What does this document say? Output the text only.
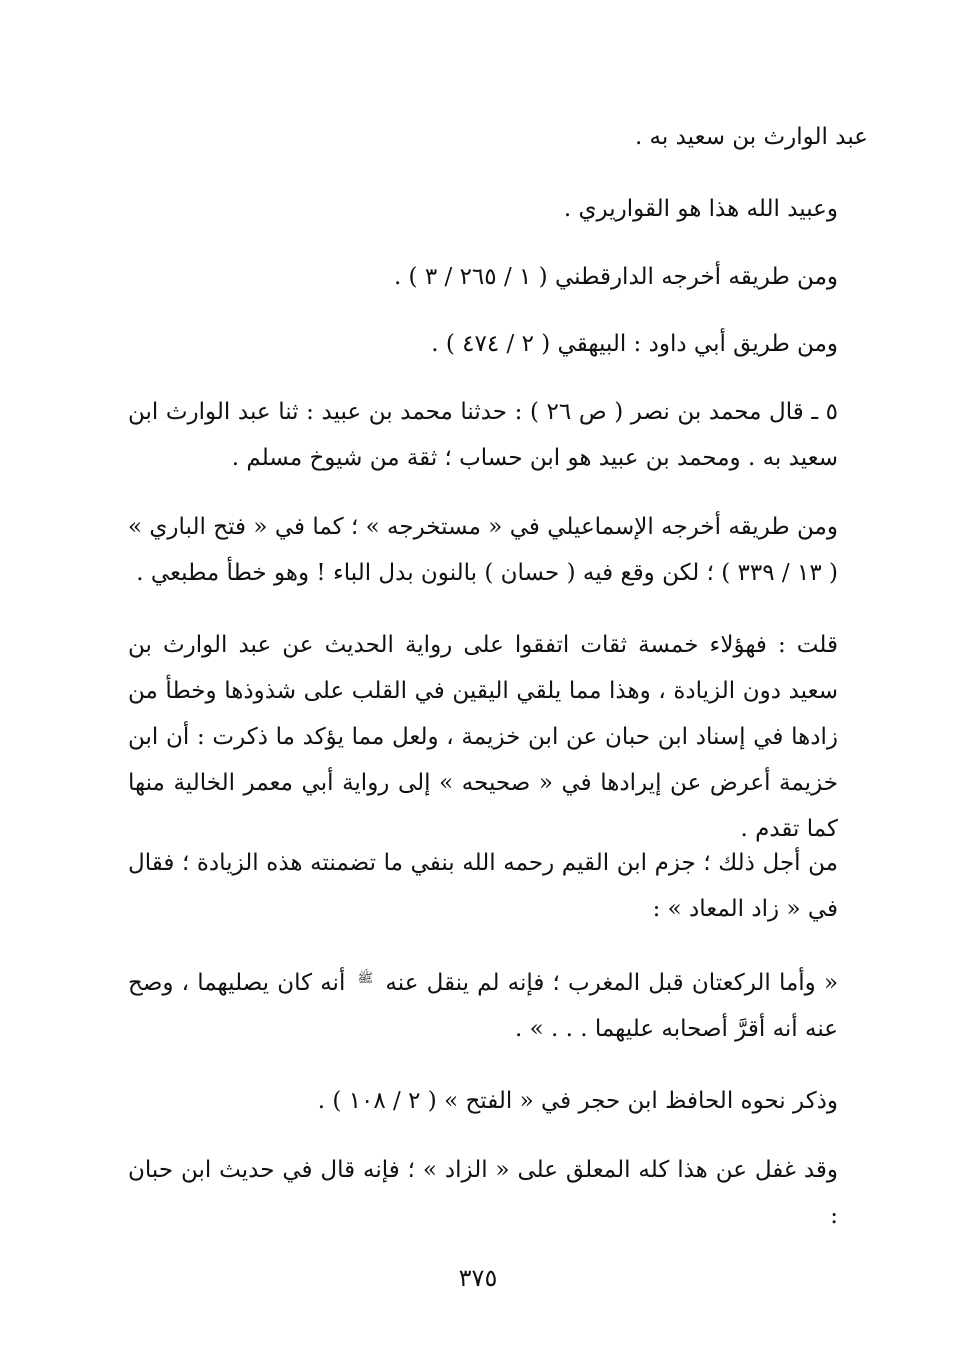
عبد الوارث بن سعيد به .

وعبيد الله هذا هو القواريري .

ومن طريقه أخرجه الدارقطني ( ١ / ٢٦٥ / ٣ ) .

ومن طريق أبي داود : البيهقي ( ٢ / ٤٧٤ ) .

٥ ـ قال محمد بن نصر ( ص ٢٦ ) : حدثنا محمد بن عبيد : ثنا عبد الوارث ابن سعيد به . ومحمد بن عبيد هو ابن حساب ؛ ثقة من شيوخ مسلم .

ومن طريقه أخرجه الإسماعيلي في « مستخرجه » ؛ كما في « فتح الباري » ( ١٣ / ٣٣٩ ) ؛ لكن وقع فيه ( حسان ) بالنون بدل الباء ! وهو خطأ مطبعي .

قلت : فهؤلاء خمسة ثقات اتفقوا على رواية الحديث عن عبد الوارث بن سعيد دون الزيادة ، وهذا مما يلقي اليقين في القلب على شذوذها وخطأ من زادها في إسناد ابن حبان عن ابن خزيمة ، ولعل مما يؤكد ما ذكرت : أن ابن خزيمة أعرض عن إيرادها في « صحيحه » إلى رواية أبي معمر الخالية منها كما تقدم .

من أجل ذلك ؛ جزم ابن القيم رحمه الله بنفي ما تضمنته هذه الزيادة ؛ فقال في « زاد المعاد » :

« وأما الركعتان قبل المغرب ؛ فإنه لم ينقل عنه ﷺ أنه كان يصليهما ، وصح عنه أنه أقرَّ أصحابه عليهما . . . » .

وذكر نحوه الحافظ ابن حجر في « الفتح » ( ٢ / ١٠٨ ) .

وقد غفل عن هذا كله المعلق على « الزاد » ؛ فإنه قال في حديث ابن حبان :

٣٧٥
